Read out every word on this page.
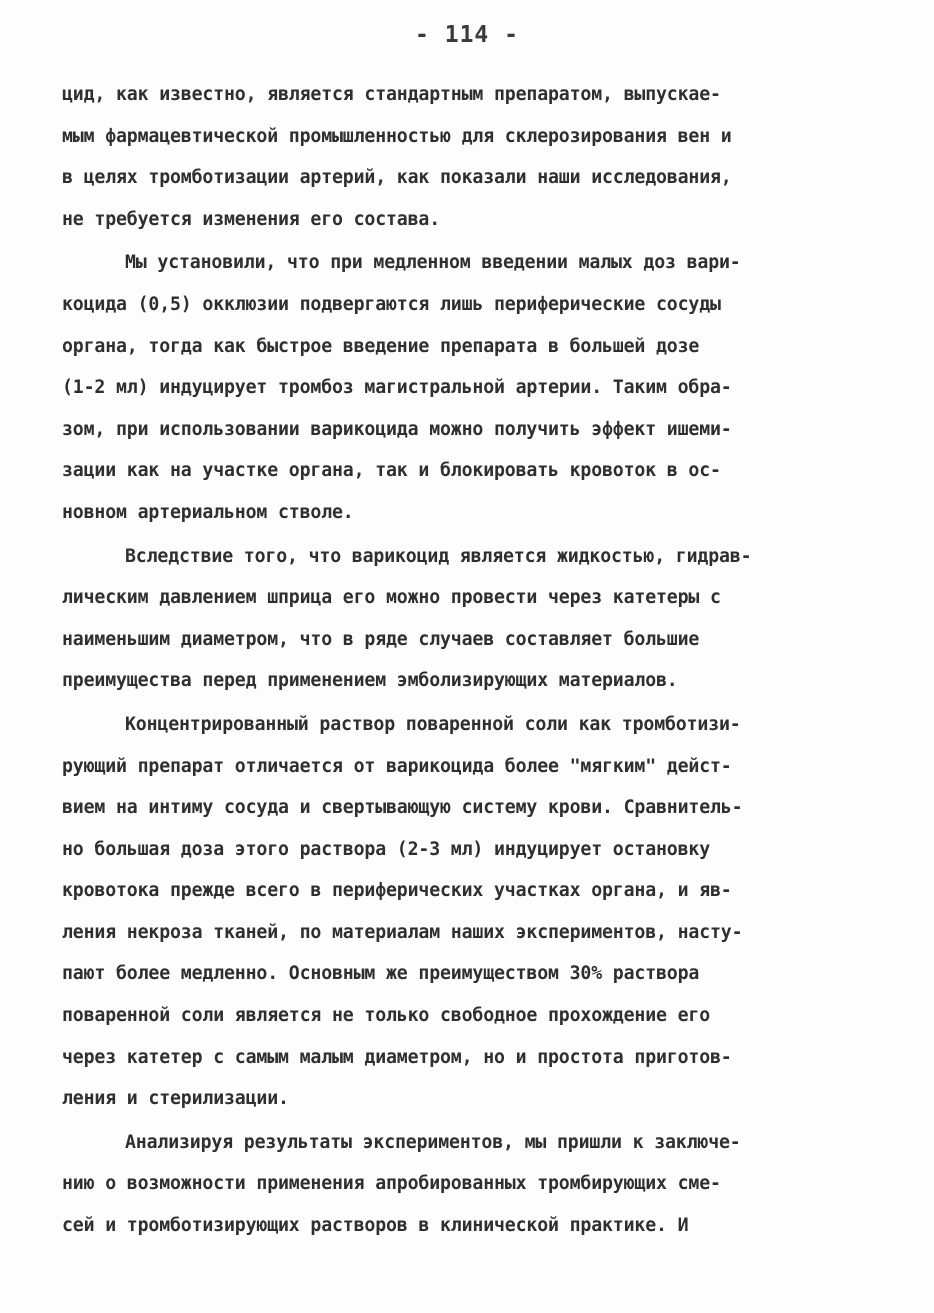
- 114 -
цид, как известно, является стандартным препаратом, выпускае-
мым фармацевтической промышленностью для склерозирования вен и
в целях тромботизации артерий, как показали наши исследования,
не требуется изменения его состава.
Мы установили, что при медленном введении малых доз вари-
коцида (0,5) окклюзии подвергаются лишь периферические сосуды
органа, тогда как быстрое введение препарата в большей дозе
(1-2 мл) индуцирует тромбоз магистральной артерии. Таким обра-
зом, при использовании варикоцида можно получить эффект ишеми-
зации как на участке органа, так и блокировать кровоток в ос-
новном артериальном стволе.
Вследствие того, что варикоцид является жидкостью, гидрав-
лическим давлением шприца его можно провести через катетеры с
наименьшим диаметром, что в ряде случаев составляет большие
преимущества перед применением эмболизирующих материалов.
Концентрированный раствор поваренной соли как тромботизи-
рующий препарат отличается от варикоцида более "мягким" дейст-
вием на интиму сосуда и свертывающую систему крови. Сравнитель-
но большая доза этого раствора (2-3 мл) индуцирует остановку
кровотока прежде всего в периферических участках органа, и яв-
ления некроза тканей, по материалам наших экспериментов, насту-
пают более медленно. Основным же преимуществом 30% раствора
поваренной соли является не только свободное прохождение его
через катетер с самым малым диаметром, но и простота приготов-
ления и стерилизации.
Анализируя результаты экспериментов, мы пришли к заключе-
нию о возможности применения апробированных тромбирующих сме-
сей и тромботизирующих растворов в клинической практике. И
